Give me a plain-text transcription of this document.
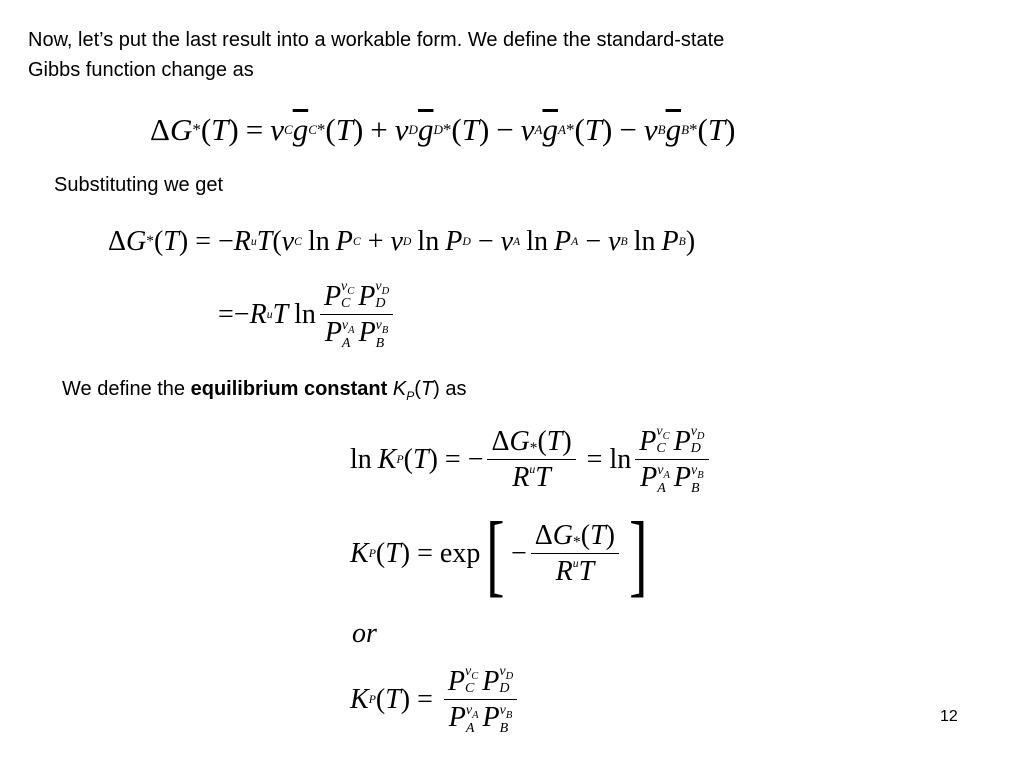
Now, let’s put the last result into a workable form. We define the standard-state
Gibbs function change as
Δ G * ( T ) = ν C $\overline{g}$ C * ( T ) + ν D $\overline{g}$ D * ( T ) − ν A $\overline{g}$ A * ( T ) − ν B $\overline{g}$ B * ( T )
Substituting we get
Δ G * ( T ) = − R u T ( ν C ln P C + ν D ln P D − ν A ln P A − ν B ln P B )
= − R u T ln P $\nu_C$
C P $\nu_D$
D
P $\nu_A$
A P $\nu_B$
B
We define the equilibrium constant $K_P(T)$ as
ln K P ( T ) = − $\frac{\Delta G_* ( T )}{R ^u T} = \ln P$ $\nu_C$
C P $\nu_D$
D
P $\nu_A$
A P $\nu_B$
B
K P ( T ) = exp [ − $\frac{\Delta G_* ( T )}{R ^u T}$ ]
or
K P ( T ) = P $\nu_C$
C P $\nu_D$
D
P $\nu_A$
A P $\nu_B$
B	12
